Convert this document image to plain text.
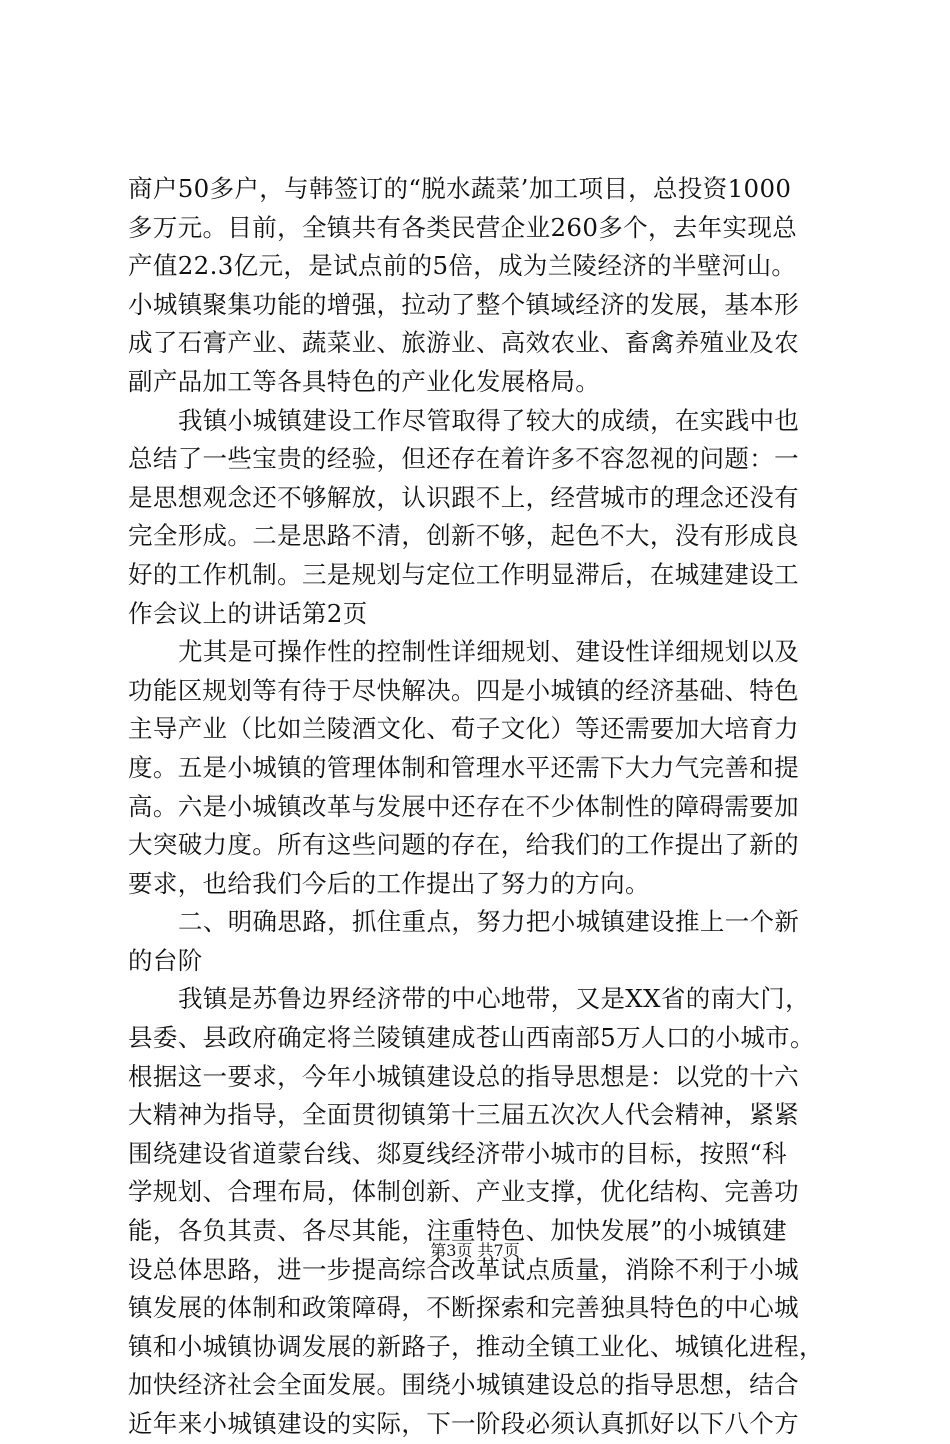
商户50多户，与韩签订的“脱水蔬菜’加工项目，总投资1000
多万元。目前，全镇共有各类民营企业260多个，去年实现总
产值22.3亿元，是试点前的5倍，成为兰陵经济的半壁河山。
小城镇聚集功能的增强，拉动了整个镇域经济的发展，基本形
成了石膏产业、蔬菜业、旅游业、高效农业、畜禽养殖业及农
副产品加工等各具特色的产业化发展格局。
我镇小城镇建设工作尽管取得了较大的成绩，在实践中也
总结了一些宝贵的经验，但还存在着许多不容忽视的问题：一
是思想观念还不够解放，认识跟不上，经营城市的理念还没有
完全形成。二是思路不清，创新不够，起色不大，没有形成良
好的工作机制。三是规划与定位工作明显滞后，在城建建设工
作会议上的讲话第2页
尤其是可操作性的控制性详细规划、建设性详细规划以及
功能区规划等有待于尽快解决。四是小城镇的经济基础、特色
主导产业（比如兰陵酒文化、荀子文化）等还需要加大培育力
度。五是小城镇的管理体制和管理水平还需下大力气完善和提
高。六是小城镇改革与发展中还存在不少体制性的障碍需要加
大突破力度。所有这些问题的存在，给我们的工作提出了新的
要求，也给我们今后的工作提出了努力的方向。
二、明确思路，抓住重点，努力把小城镇建设推上一个新
的台阶
我镇是苏鲁边界经济带的中心地带，又是XX省的南大门，
县委、县政府确定将兰陵镇建成苍山西南部5万人口的小城市。
根据这一要求，今年小城镇建设总的指导思想是：以党的十六
大精神为指导，全面贯彻镇第十三届五次次人代会精神，紧紧
围绕建设省道蒙台线、郯夏线经济带小城市的目标，按照“科
学规划、合理布局，体制创新、产业支撑，优化结构、完善功
能，各负其责、各尽其能，注重特色、加快发展”的小城镇建
设总体思路，进一步提高综合改革试点质量，消除不利于小城
镇发展的体制和政策障碍，不断探索和完善独具特色的中心城
镇和小城镇协调发展的新路子，推动全镇工业化、城镇化进程，
加快经济社会全面发展。围绕小城镇建设总的指导思想，结合
近年来小城镇建设的实际，下一阶段必须认真抓好以下八个方
第3页 共7页
